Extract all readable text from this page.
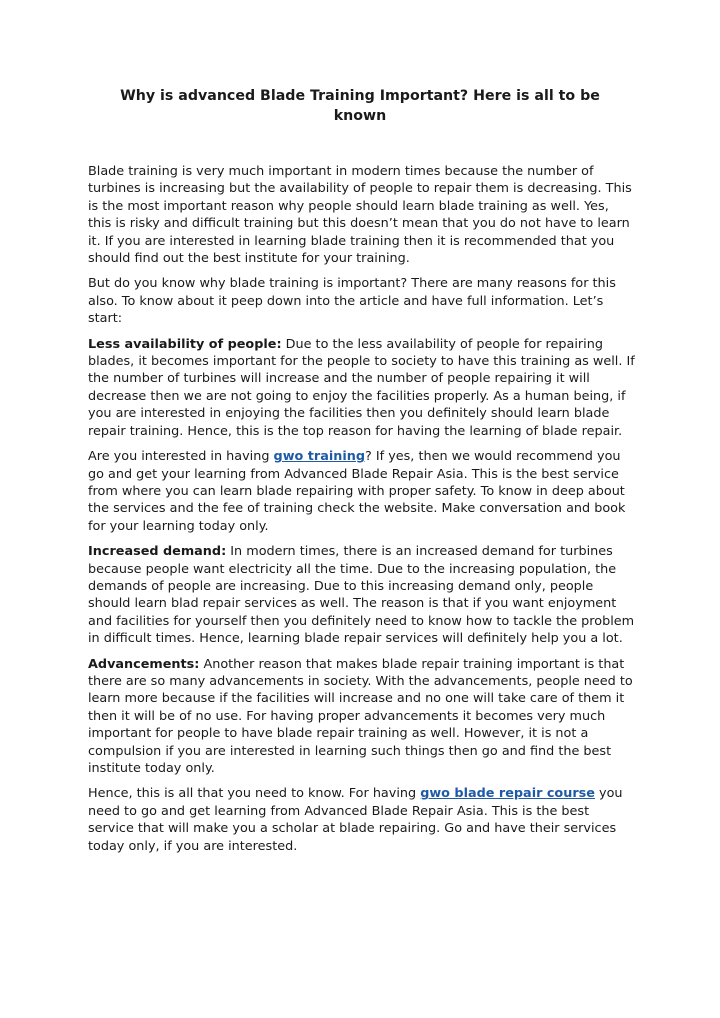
Why is advanced Blade Training Important? Here is all to be known

Blade training is very much important in modern times because the number of turbines is increasing but the availability of people to repair them is decreasing. This is the most important reason why people should learn blade training as well. Yes, this is risky and difficult training but this doesn’t mean that you do not have to learn it. If you are interested in learning blade training then it is recommended that you should find out the best institute for your training.

But do you know why blade training is important? There are many reasons for this also. To know about it peep down into the article and have full information. Let’s start:

Less availability of people: Due to the less availability of people for repairing blades, it becomes important for the people to society to have this training as well. If the number of turbines will increase and the number of people repairing it will decrease then we are not going to enjoy the facilities properly. As a human being, if you are interested in enjoying the facilities then you definitely should learn blade repair training. Hence, this is the top reason for having the learning of blade repair.

Are you interested in having gwo training? If yes, then we would recommend you go and get your learning from Advanced Blade Repair Asia. This is the best service from where you can learn blade repairing with proper safety. To know in deep about the services and the fee of training check the website. Make conversation and book for your learning today only.

Increased demand: In modern times, there is an increased demand for turbines because people want electricity all the time. Due to the increasing population, the demands of people are increasing. Due to this increasing demand only, people should learn blad repair services as well. The reason is that if you want enjoyment and facilities for yourself then you definitely need to know how to tackle the problem in difficult times. Hence, learning blade repair services will definitely help you a lot.

Advancements: Another reason that makes blade repair training important is that there are so many advancements in society. With the advancements, people need to learn more because if the facilities will increase and no one will take care of them it then it will be of no use. For having proper advancements it becomes very much important for people to have blade repair training as well. However, it is not a compulsion if you are interested in learning such things then go and find the best institute today only.

Hence, this is all that you need to know. For having gwo blade repair course you need to go and get learning from Advanced Blade Repair Asia. This is the best service that will make you a scholar at blade repairing. Go and have their services today only, if you are interested.
